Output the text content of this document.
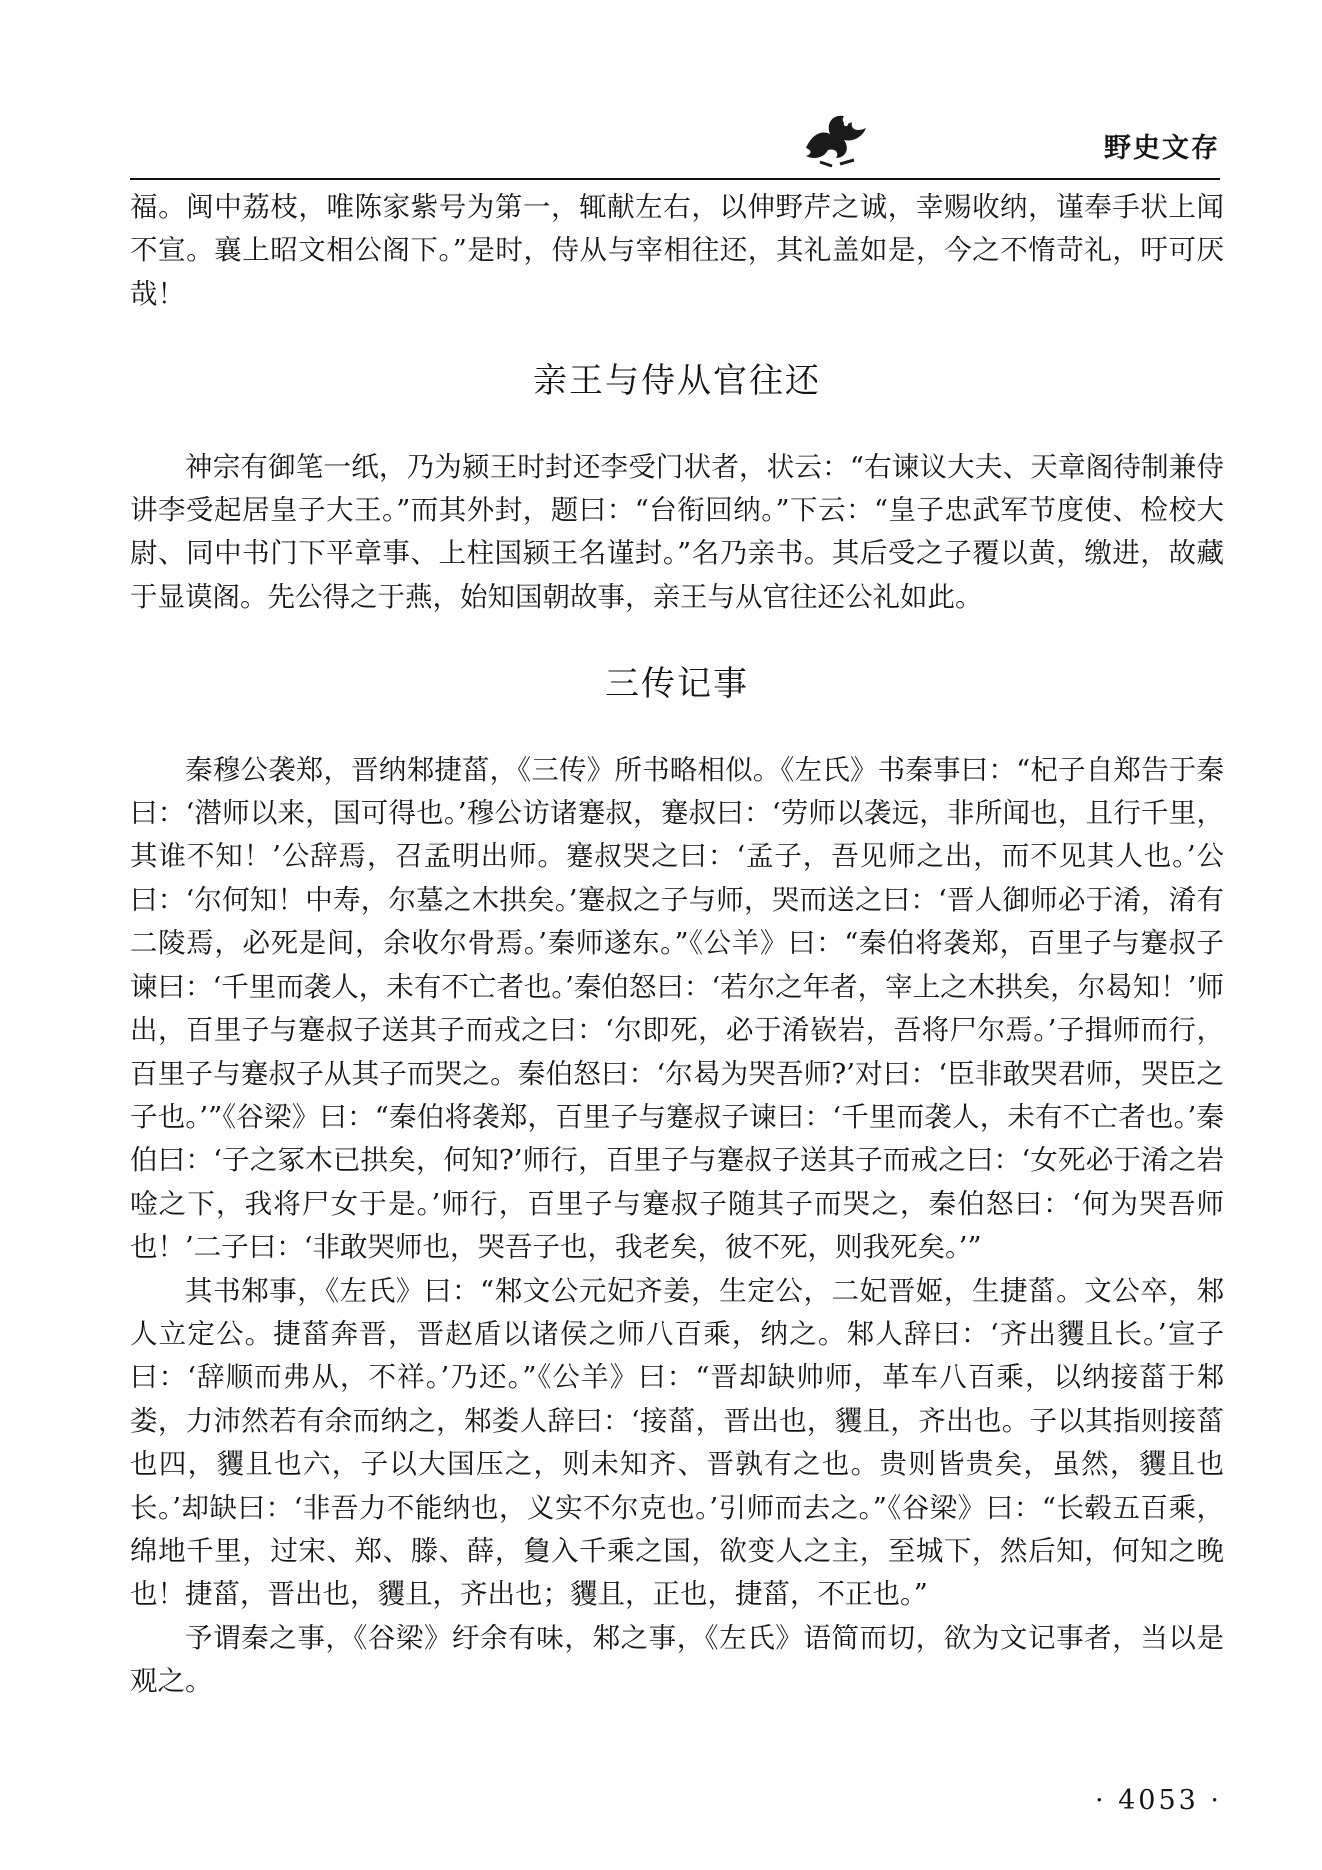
野史文存

福。闽中荔枝，唯陈家紫号为第一，辄献左右，以伸野芹之诚，幸赐收纳，谨奉手状上闻不宣。襄上昭文相公阁下。”是时，侍从与宰相往还，其礼盖如是，今之不惰苛礼，吁可厌哉！

亲王与侍从官往还

神宗有御笔一纸，乃为颍王时封还李受门状者，状云：“右谏议大夫、天章阁待制兼侍讲李受起居皇子大王。”而其外封，题曰：“台衔回纳。”下云：“皇子忠武军节度使、检校大尉、同中书门下平章事、上柱国颍王名谨封。”名乃亲书。其后受之子覆以黄，缴进，故藏于显谟阁。先公得之于燕，始知国朝故事，亲王与从官往还公礼如此。

三传记事

秦穆公袭郑，晋纳邾捷菑，《三传》所书略相似。《左氏》书秦事曰：“杞子自郑告于秦曰：‘潜师以来，国可得也。’穆公访诸蹇叔，蹇叔曰：‘劳师以袭远，非所闻也，且行千里，其谁不知！’公辞焉，召孟明出师。蹇叔哭之曰：‘孟子，吾见师之出，而不见其人也。’公曰：‘尔何知！中寿，尔墓之木拱矣。’蹇叔之子与师，哭而送之曰：‘晋人御师必于淆，淆有二陵焉，必死是间，余收尔骨焉。’秦师遂东。”《公羊》曰：“秦伯将袭郑，百里子与蹇叔子谏曰：‘千里而袭人，未有不亡者也。’秦伯怒曰：‘若尔之年者，宰上之木拱矣，尔曷知！’师出，百里子与蹇叔子送其子而戎之曰：‘尔即死，必于淆嵚岩，吾将尸尔焉。’子揖师而行，百里子与蹇叔子从其子而哭之。秦伯怒曰：‘尔曷为哭吾师?’对曰：‘臣非敢哭君师，哭臣之子也。’”《谷梁》曰：“秦伯将袭郑，百里子与蹇叔子谏曰：‘千里而袭人，未有不亡者也。’秦伯曰：‘子之冢木已拱矣，何知?’师行，百里子与蹇叔子送其子而戒之曰：‘女死必于淆之岩唫之下，我将尸女于是。’师行，百里子与蹇叔子随其子而哭之，秦伯怒曰：‘何为哭吾师也！’二子曰：‘非敢哭师也，哭吾子也，我老矣，彼不死，则我死矣。’”

其书邾事，《左氏》曰：“邾文公元妃齐姜，生定公，二妃晋姬，生捷菑。文公卒，邾人立定公。捷菑奔晋，晋赵盾以诸侯之师八百乘，纳之。邾人辞曰：‘齐出貜且长。’宣子曰：‘辞顺而弗从，不祥。’乃还。”《公羊》曰：“晋却缺帅师，革车八百乘，以纳接菑于邾娄，力沛然若有余而纳之，邾娄人辞曰：‘接菑，晋出也，貜且，齐出也。子以其指则接菑也四，貜且也六，子以大国压之，则未知齐、晋孰有之也。贵则皆贵矣，虽然，貜且也长。’却缺曰：‘非吾力不能纳也，义实不尔克也。’引师而去之。”《谷梁》曰：“长毂五百乘，绵地千里，过宋、郑、滕、薛，敻入千乘之国，欲变人之主，至城下，然后知，何知之晚也！捷菑，晋出也，貜且，齐出也；貜且，正也，捷菑，不正也。”

予谓秦之事，《谷梁》纡余有味，邾之事，《左氏》语简而切，欲为文记事者，当以是观之。

· 4053 ·
